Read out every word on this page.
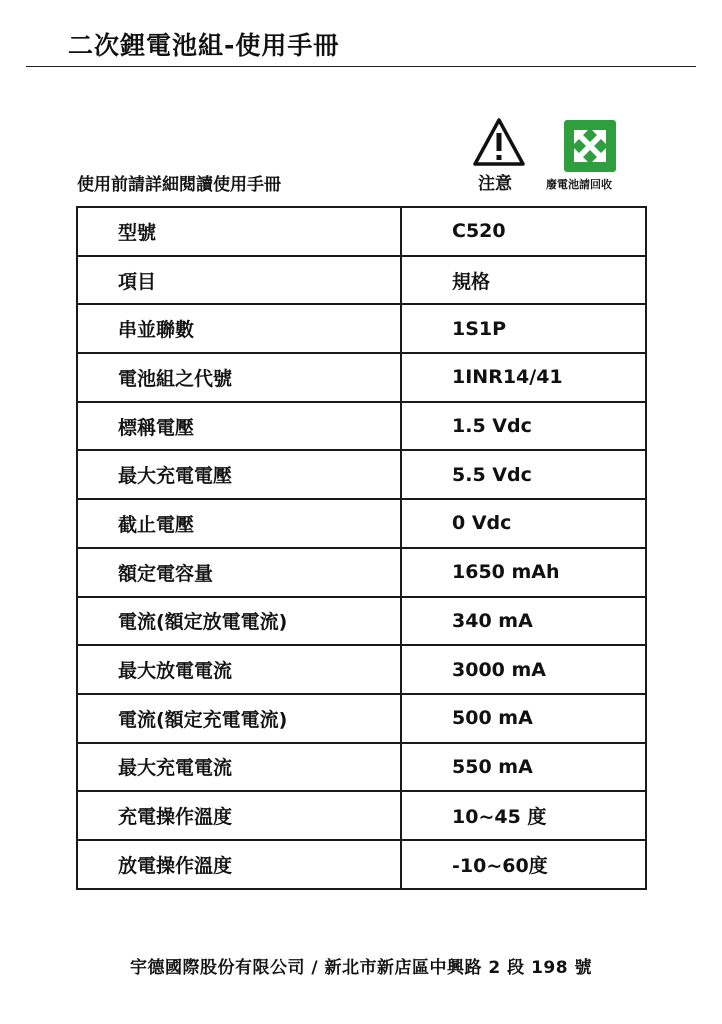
二次鋰電池組-使用手冊
使用前請詳細閱讀使用手冊	注意	廢電池請回收
型號	C520
項目	規格
串並聯數	1S1P
電池組之代號	1INR14/41
標稱電壓	1.5 Vdc
最大充電電壓	5.5 Vdc
截止電壓	0 Vdc
額定電容量	1650 mAh
電流(額定放電電流)	340 mA
最大放電電流	3000 mA
電流(額定充電電流)	500 mA
最大充電電流	550 mA
充電操作溫度	10~45 度
放電操作溫度	-10~60度
宇德國際股份有限公司 / 新北市新店區中興路 2 段 198 號
